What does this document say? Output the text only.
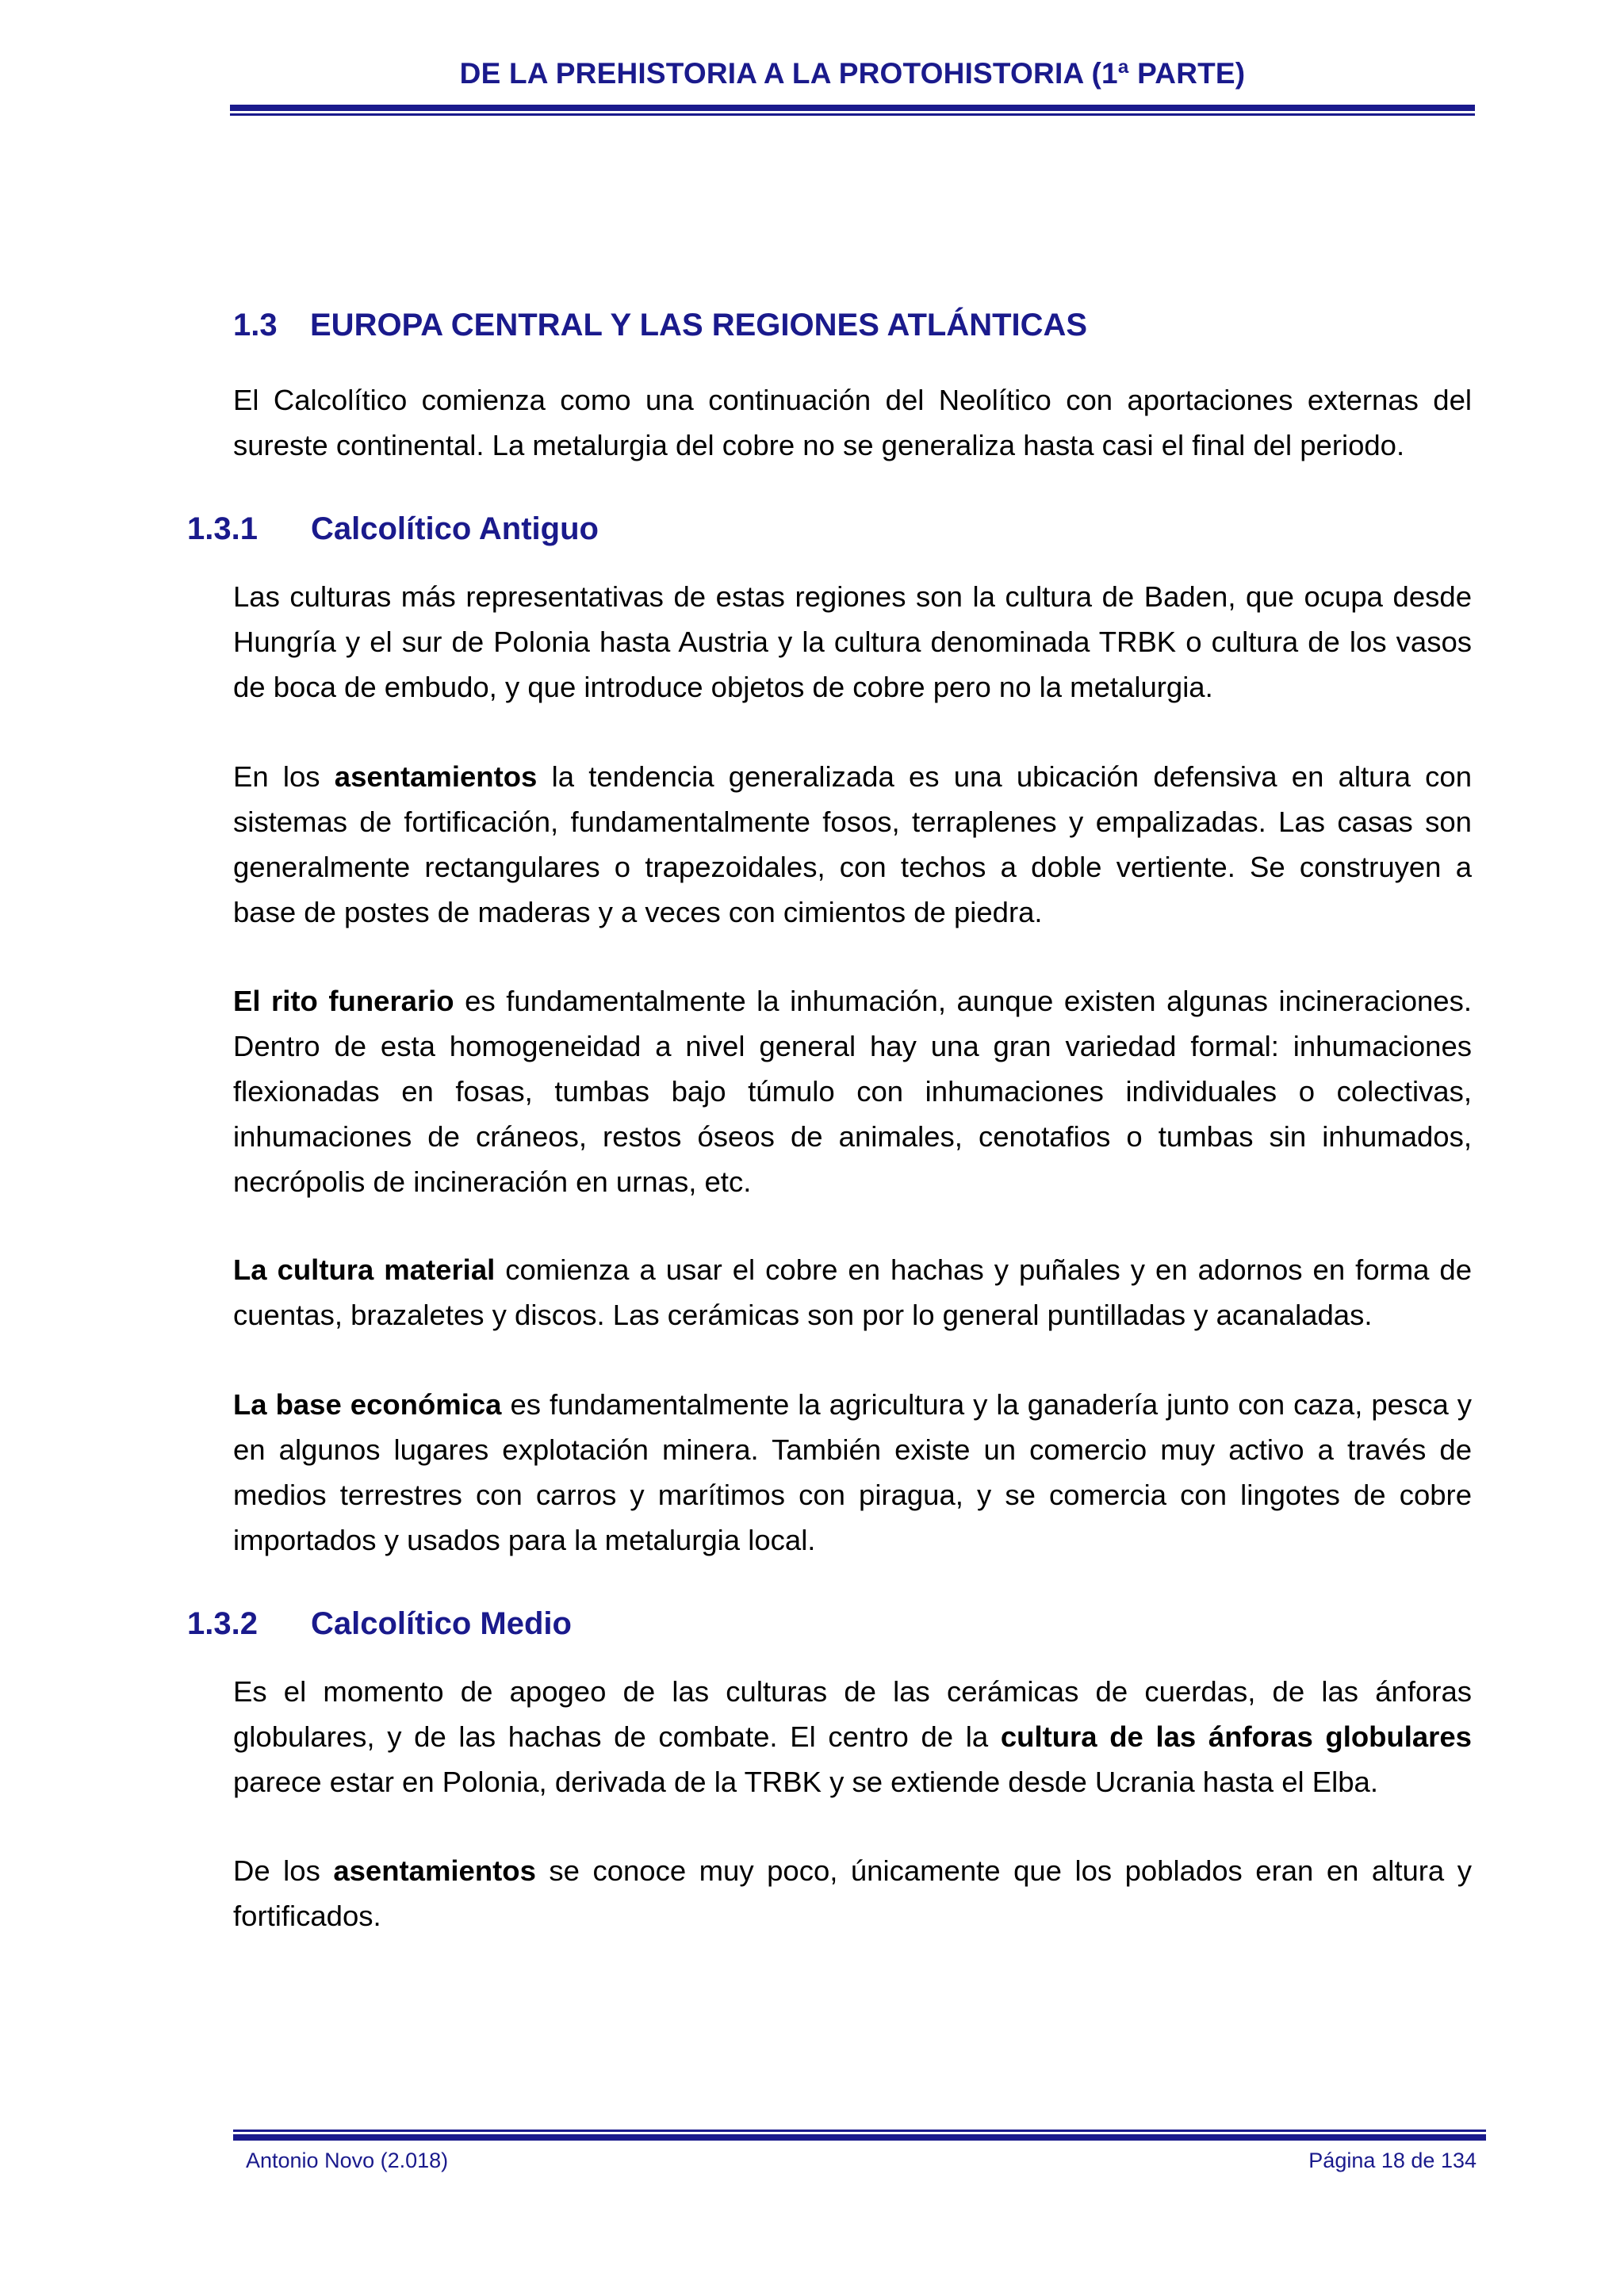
DE LA PREHISTORIA A LA PROTOHISTORIA (1ª PARTE)
1.3 EUROPA CENTRAL Y LAS REGIONES ATLÁNTICAS
El Calcolítico comienza como una continuación del Neolítico con aportaciones externas del sureste continental. La metalurgia del cobre no se generaliza hasta casi el final del periodo.
1.3.1 Calcolítico Antiguo
Las culturas más representativas de estas regiones son la cultura de Baden, que ocupa desde Hungría y el sur de Polonia hasta Austria y la cultura denominada TRBK o cultura de los vasos de boca de embudo, y que introduce objetos de cobre pero no la metalurgia.
En los asentamientos la tendencia generalizada es una ubicación defensiva en altura con sistemas de fortificación, fundamentalmente fosos, terraplenes y empalizadas. Las casas son generalmente rectangulares o trapezoidales, con techos a doble vertiente. Se construyen a base de postes de maderas y a veces con cimientos de piedra.
El rito funerario es fundamentalmente la inhumación, aunque existen algunas incineraciones. Dentro de esta homogeneidad a nivel general hay una gran variedad formal: inhumaciones flexionadas en fosas, tumbas bajo túmulo con inhumaciones individuales o colectivas, inhumaciones de cráneos, restos óseos de animales, cenotafios o tumbas sin inhumados, necrópolis de incineración en urnas, etc.
La cultura material comienza a usar el cobre en hachas y puñales y en adornos en forma de cuentas, brazaletes y discos. Las cerámicas son por lo general puntilladas y acanaladas.
La base económica es fundamentalmente la agricultura y la ganadería junto con caza, pesca y en algunos lugares explotación minera. También existe un comercio muy activo a través de medios terrestres con carros y marítimos con piragua, y se comercia con lingotes de cobre importados y usados para la metalurgia local.
1.3.2 Calcolítico Medio
Es el momento de apogeo de las culturas de las cerámicas de cuerdas, de las ánforas globulares, y de las hachas de combate. El centro de la cultura de las ánforas globulares parece estar en Polonia, derivada de la TRBK y se extiende desde Ucrania hasta el Elba.
De los asentamientos se conoce muy poco, únicamente que los poblados eran en altura y fortificados.
Antonio Novo (2.018)	Página 18 de 134
